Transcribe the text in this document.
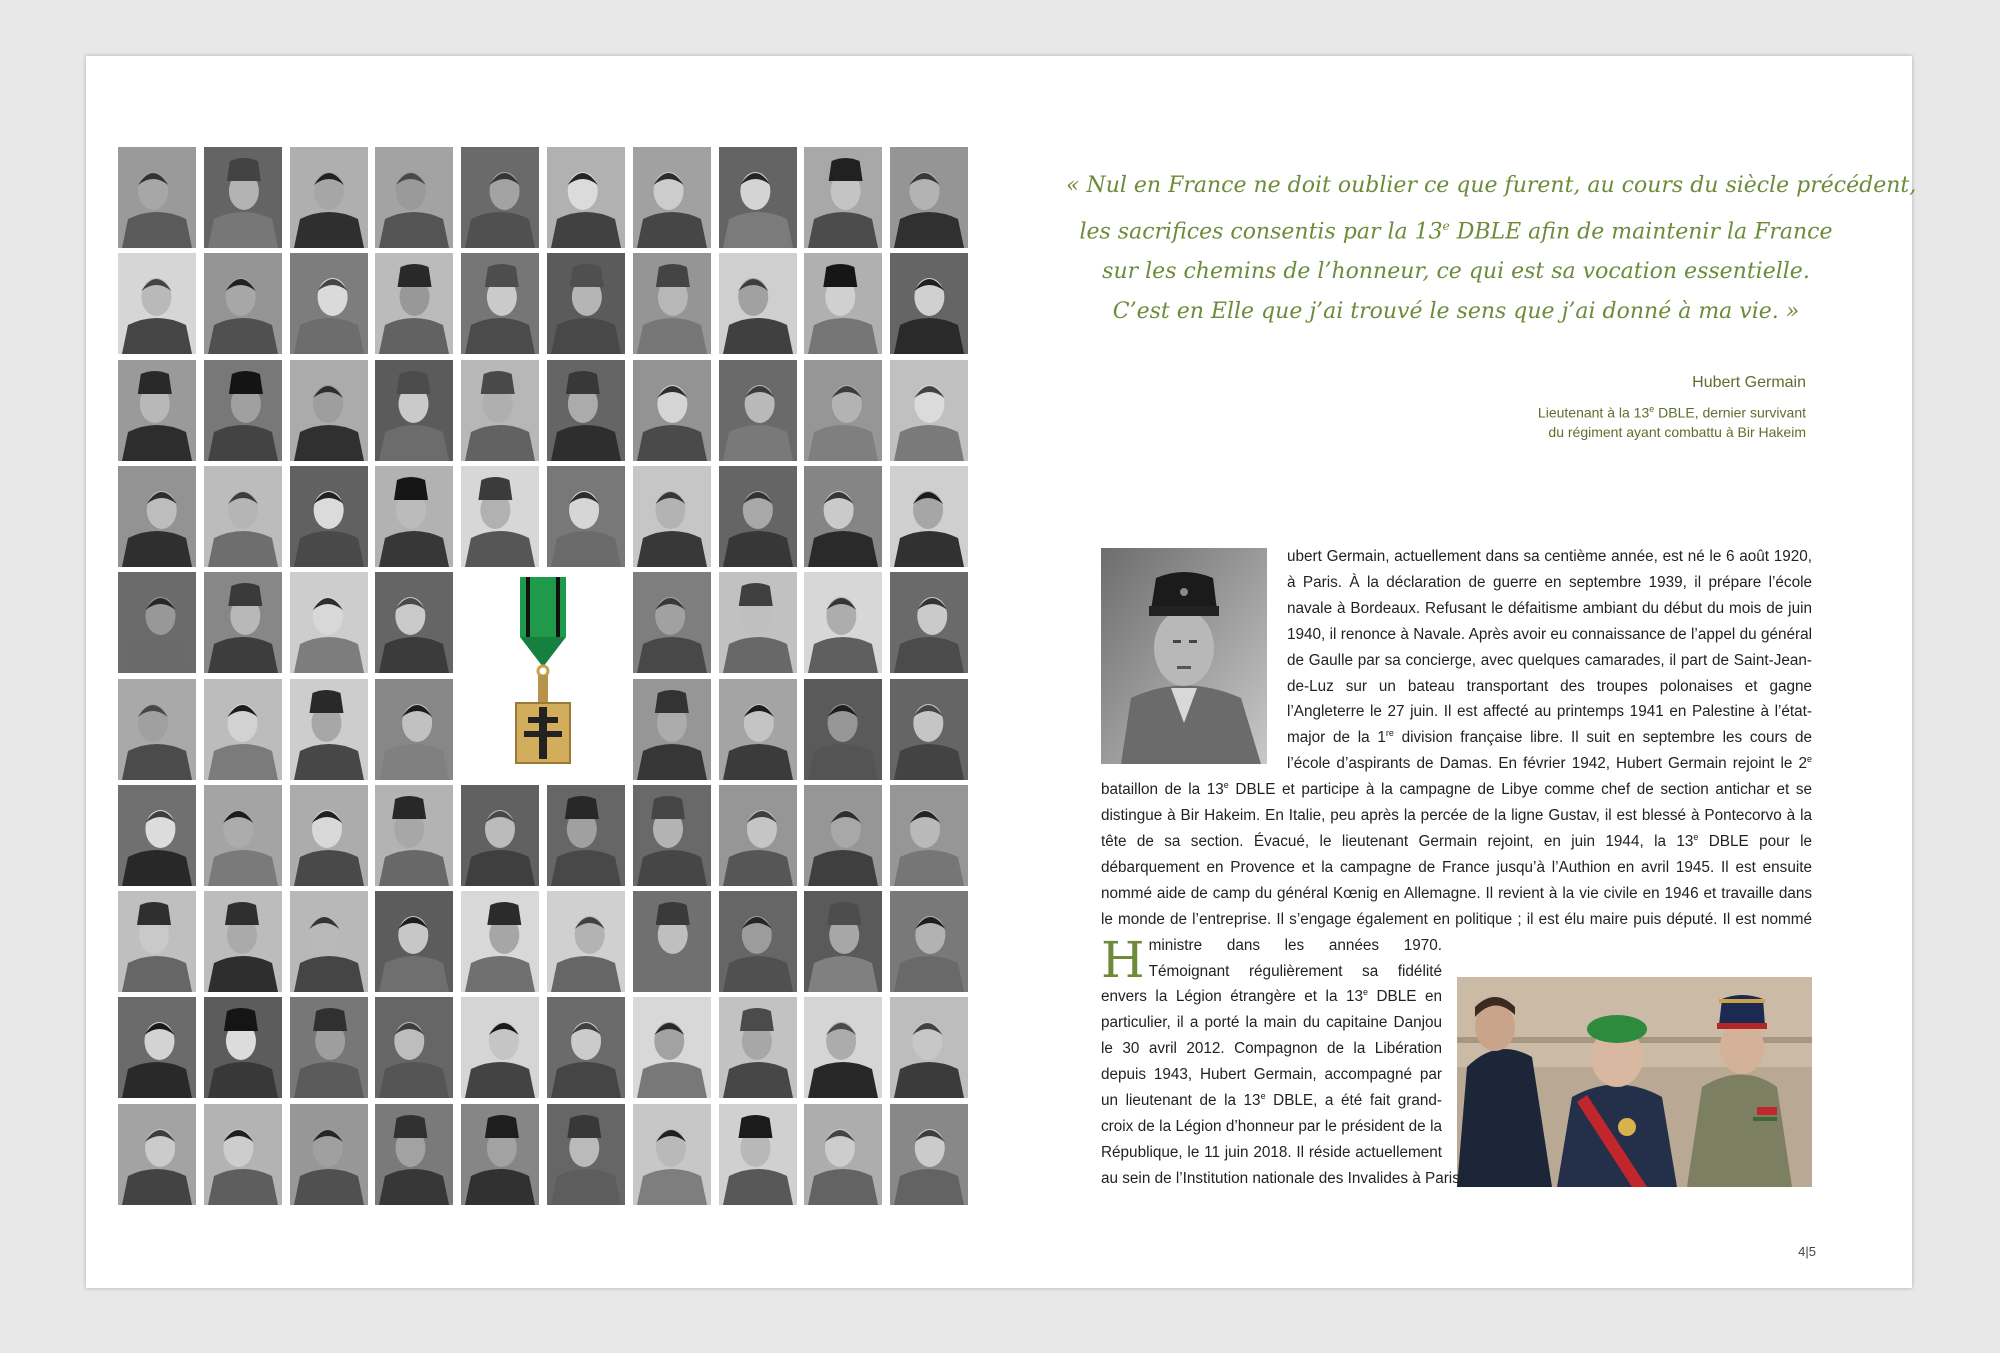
« Nul en France ne doit oublier ce que furent, au cours du siècle précédent,
les sacrifices consentis par la 13e DBLE afin de maintenir la France
sur les chemins de l’honneur, ce qui est sa vocation essentielle.
C’est en Elle que j’ai trouvé le sens que j’ai donné à ma vie. »
Hubert Germain
Lieutenant à la 13e DBLE, dernier survivant
du régiment ayant combattu à Bir Hakeim
H
ubert Germain, actuellement dans sa centième année, est né le 6 août 1920, à Paris. À la déclaration de guerre en septembre 1939, il prépare l’école navale à Bordeaux. Refusant le défaitisme ambiant du début du mois de juin 1940, il renonce à Navale. Après avoir eu connaissance de l’appel du général de Gaulle par sa concierge, avec quelques camarades, il part de Saint-Jean-de-Luz sur un bateau transportant des troupes polonaises et gagne l’Angleterre le 27 juin. Il est affecté au printemps 1941 en Palestine à l’état-major de la 1re division française libre. Il suit en septembre les cours de l’école d’aspirants de Damas. En février 1942, Hubert Germain rejoint le 2e bataillon de la 13e DBLE et participe à la campagne de Libye comme chef de section antichar et se distingue à Bir Hakeim. En Italie, peu après la percée de la ligne Gustav, il est blessé à Pontecorvo à la tête de sa section. Évacué, le lieutenant Germain rejoint, en juin 1944, la 13e DBLE pour le débarquement en Provence et la campagne de France jusqu’à l’Authion en avril 1945. Il est ensuite nommé aide de camp du général Kœnig en Allemagne. Il revient à la vie civile en 1946 et travaille dans le monde de l’entreprise. Il s’engage également en politique ; il est élu maire puis député. Il est nommé ministre dans les années 1970. Témoignant régulièrement sa fidélité envers la Légion étrangère et la 13e DBLE en particulier, il a porté la main du capitaine Danjou le 30 avril 2012. Compagnon de la Libération depuis 1943, Hubert Germain, accompagné par un lieutenant de la 13e DBLE, a été fait grand-croix de la Légion d’honneur par le président de la République, le 11 juin 2018. Il réside actuellement au sein de l’Institution nationale des Invalides à Paris.
4|5
